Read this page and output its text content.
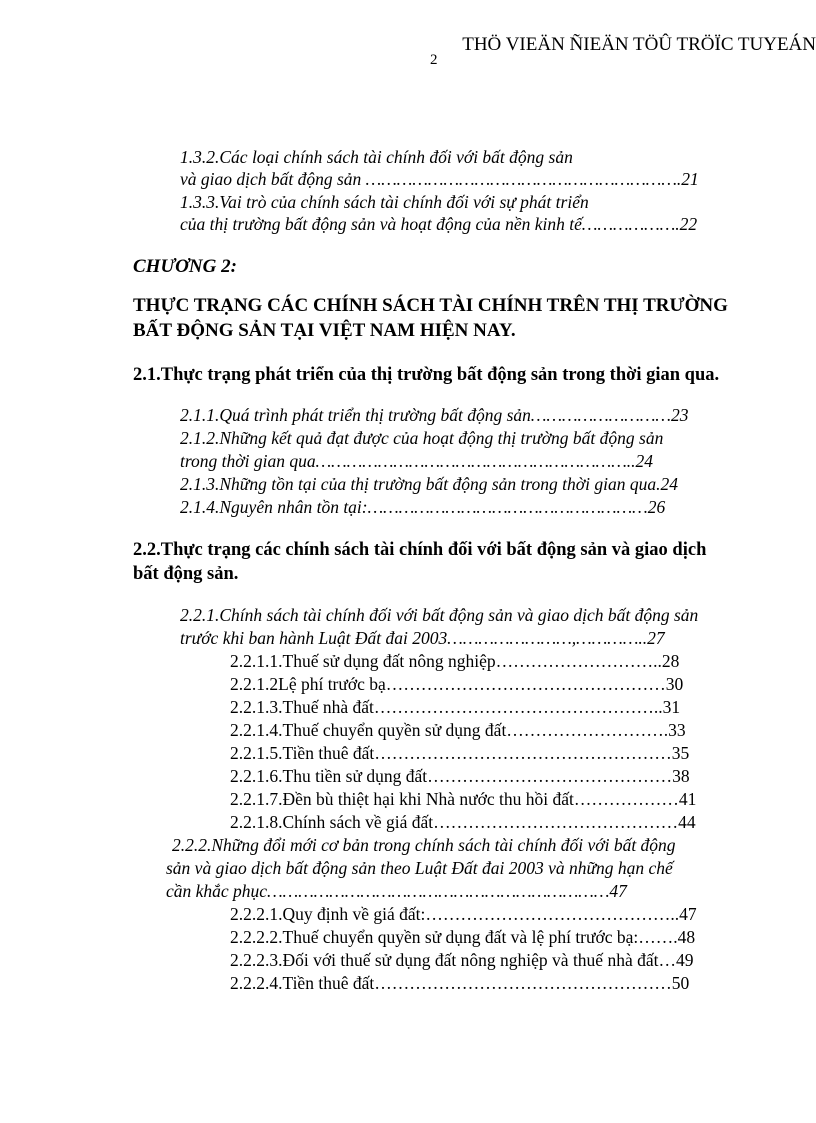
THÖ VIEÄN ÑIEÄN TÖÛ TRÖÏC TUYEÁN
2
1.3.2.Các loại chính sách tài chính đối với bất động sản
và giao dịch bất động sản …………………………………………………….21
1.3.3.Vai trò của chính sách tài chính đối với sự phát triển
của thị trường bất động sản và hoạt động của nền kinh tế……………….22
CHƯƠNG 2:
THỰC TRẠNG CÁC CHÍNH SÁCH TÀI CHÍNH TRÊN THỊ TRƯỜNG
BẤT ĐỘNG SẢN TẠI VIỆT NAM HIỆN NAY.
2.1.Thực trạng phát triển của thị trường bất động sản trong thời gian qua.
2.1.1.Quá trình phát triển thị trường bất động sản………………………23
2.1.2.Những kết quả đạt được của hoạt động thị trường bất động sản
trong thời gian qua……………………………………………………..24
2.1.3.Những tồn tại của thị trường bất động sản trong thời gian qua.24
2.1.4.Nguyên nhân tồn tại:………………………………………………26
2.2.Thực trạng các chính sách tài chính đối với bất động sản và giao dịch
bất động sản.
2.2.1.Chính sách tài chính đối với bất động sản và giao dịch bất động sản
trước khi ban hành Luật Đất đai 2003……………………,…………..27
2.2.1.1.Thuế sử dụng đất nông nghiệp………………………..28
2.2.1.2Lệ phí trước bạ…………………………………………30
2.2.1.3.Thuế nhà đất…………………………………………..31
2.2.1.4.Thuế chuyển quyền sử dụng đất……………………….33
2.2.1.5.Tiền thuê đất……………………………………………35
2.2.1.6.Thu tiền sử dụng đất……………………………………38
2.2.1.7.Đền bù thiệt hại khi Nhà nước thu hồi đất………………41
2.2.1.8.Chính sách về giá đất……………………………………44
2.2.2.Những đổi mới cơ bản trong chính sách tài chính đối với bất động
sản và giao dịch bất động sản theo Luật Đất đai 2003 và những hạn chế
cần khắc phục…………………………………………………………47
2.2.2.1.Quy định về giá đất:……………………………………..47
2.2.2.2.Thuế chuyển quyền sử dụng đất và lệ phí trước bạ:…….48
2.2.2.3.Đối với thuế sử dụng đất nông nghiệp và thuế nhà đất…49
2.2.2.4.Tiền thuê đất……………………………………………50
